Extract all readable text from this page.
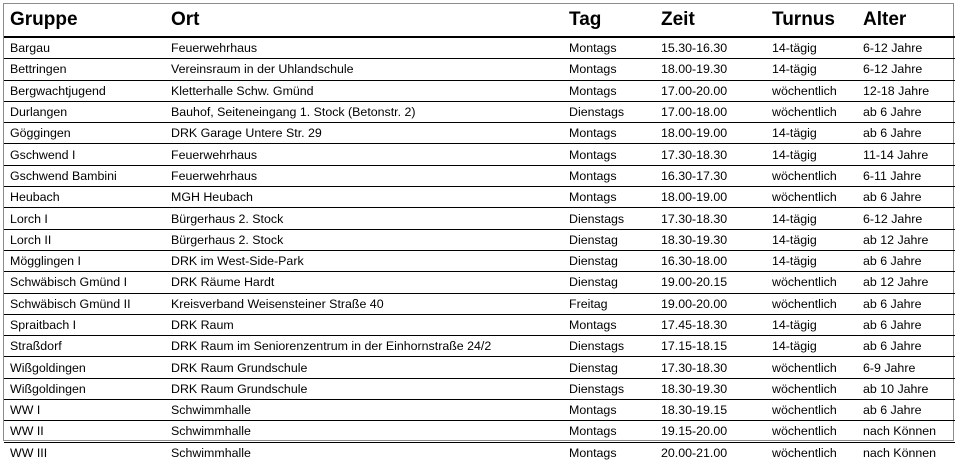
Gruppe	Ort	Tag	Zeit	Turnus	Alter
Bargau	Feuerwehrhaus	Montags	15.30-16.30	14-tägig	6-12 Jahre
Bettringen	Vereinsraum in der Uhlandschule	Montags	18.00-19.30	14-tägig	6-12 Jahre
Bergwachtjugend	Kletterhalle Schw. Gmünd	Montags	17.00-20.00	wöchentlich	12-18 Jahre
Durlangen	Bauhof, Seiteneingang 1. Stock (Betonstr. 2)	Dienstags	17.00-18.00	wöchentlich	ab 6 Jahre
Göggingen	DRK Garage Untere Str. 29	Montags	18.00-19.00	14-tägig	ab 6 Jahre
Gschwend I	Feuerwehrhaus	Montags	17.30-18.30	14-tägig	11-14 Jahre
Gschwend Bambini	Feuerwehrhaus	Montags	16.30-17.30	wöchentlich	6-11 Jahre
Heubach	MGH Heubach	Montags	18.00-19.00	wöchentlich	ab 6 Jahre
Lorch I	Bürgerhaus 2. Stock	Dienstags	17.30-18.30	14-tägig	6-12 Jahre
Lorch II	Bürgerhaus 2. Stock	Dienstag	18.30-19.30	14-tägig	ab 12 Jahre
Mögglingen I	DRK im West-Side-Park	Dienstag	16.30-18.00	14-tägig	ab 6 Jahre
Schwäbisch Gmünd I	DRK Räume Hardt	Dienstag	19.00-20.15	wöchentlich	ab 12 Jahre
Schwäbisch Gmünd II	Kreisverband Weisensteiner Straße 40	Freitag	19.00-20.00	wöchentlich	ab 6 Jahre
Spraitbach I	DRK Raum	Montags	17.45-18.30	14-tägig	ab 6 Jahre
Straßdorf	DRK Raum im Seniorenzentrum in der Einhornstraße 24/2	Dienstags	17.15-18.15	14-tägig	ab 6 Jahre
Wißgoldingen	DRK Raum Grundschule	Dienstag	17.30-18.30	wöchentlich	6-9 Jahre
Wißgoldingen	DRK Raum Grundschule	Dienstags	18.30-19.30	wöchentlich	ab 10 Jahre
WW I	Schwimmhalle	Montags	18.30-19.15	wöchentlich	ab 6 Jahre
WW II	Schwimmhalle	Montags	19.15-20.00	wöchentlich	nach Können
WW III	Schwimmhalle	Montags	20.00-21.00	wöchentlich	nach Können
